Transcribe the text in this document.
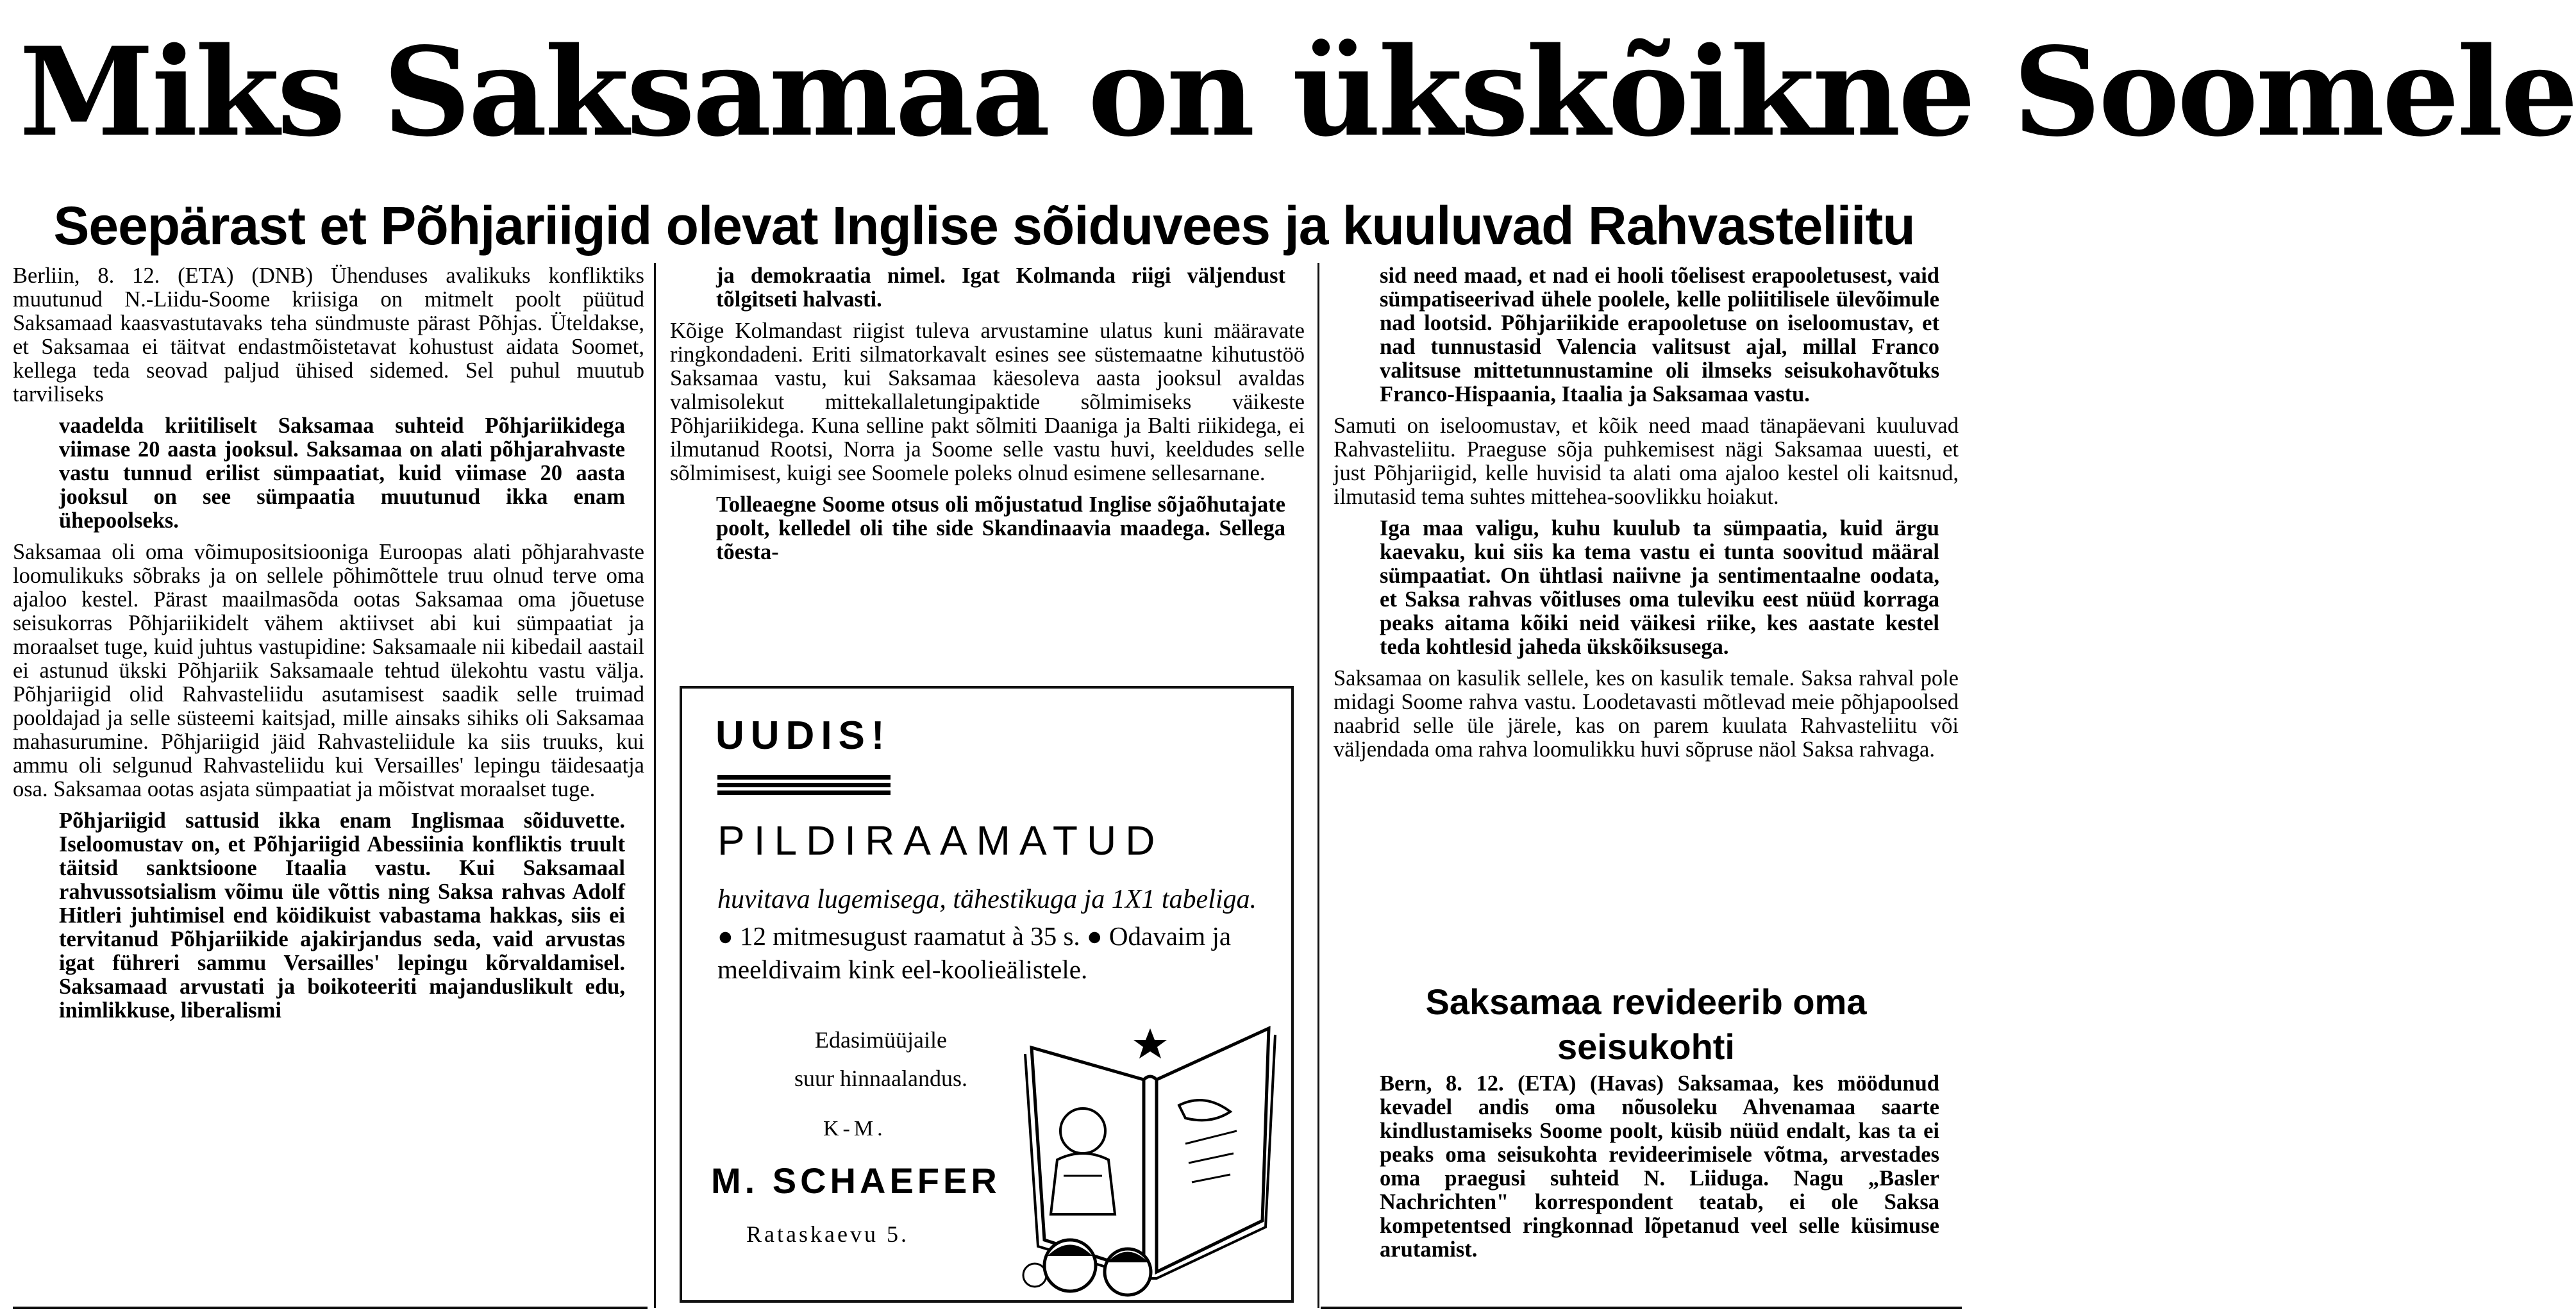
Miks Saksamaa on ükskõikne Soomele
Seepärast et Põhjariigid olevat Inglise sõiduvees ja kuuluvad Rahvasteliitu

Berliin, 8. 12. (ETA) (DNB) Ühenduses avalikuks konfliktiks muutunud N.-Liidu-Soome kriisiga on mitmelt poolt püütud Saksamaad kaasvastutavaks teha sündmuste pärast Põhjas. Üteldakse, et Saksamaa ei täitvat endastmõistetavat kohustust aidata Soomet, kellega teda seovad paljud ühised sidemed. Sel puhul muutub tarviliseks

vaadelda kriitiliselt Saksamaa suhteid Põhjariikidega viimase 20 aasta jooksul. Saksamaa on alati põhjarahvaste vastu tunnud erilist sümpaatiat, kuid viimase 20 aasta jooksul on see sümpaatia muutunud ikka enam ühepoolseks.

Saksamaa oli oma võimupositsiooniga Euroopas alati põhjarahvaste loomulikuks sõbraks ja on sellele põhimõttele truu olnud terve oma ajaloo kestel. Pärast maailmasõda ootas Saksamaa oma jõuetuse seisukorras Põhjariikidelt vähem aktiivset abi kui sümpaatiat ja moraalset tuge, kuid juhtus vastupidine: Saksamaale nii kibedail aastail ei astunud ükski Põhjariik Saksamaale tehtud ülekohtu vastu välja. Põhjariigid olid Rahvasteliidu asutamisest saadik selle truimad pooldajad ja selle süsteemi kaitsjad, mille ainsaks sihiks oli Saksamaa mahasurumine. Põhjariigid jäid Rahvasteliidule ka siis truuks, kui ammu oli selgunud Rahvasteliidu kui Versailles' lepingu täidesaatja osa. Saksamaa ootas asjata sümpaatiat ja mõistvat moraalset tuge.

Põhjariigid sattusid ikka enam Inglismaa sõiduvette. Iseloomustav on, et Põhjariigid Abessiinia konfliktis truult täitsid sanktsioone Itaalia vastu. Kui Saksamaal rahvussotsialism võimu üle võttis ning Saksa rahvas Adolf Hitleri juhtimisel end köidikuist vabastama hakkas, siis ei tervitanud Põhjariikide ajakirjandus seda, vaid arvustas igat führeri sammu Versailles' lepingu kõrvaldamisel. Saksamaad arvustati ja boikoteeriti majanduslikult edu, inimlikkuse, liberalismi

ja demokraatia nimel. Igat Kolmanda riigi väljendust tõlgitseti halvasti.

Kõige Kolmandast riigist tuleva arvustamine ulatus kuni määravate ringkondadeni. Eriti silmatorkavalt esines see süstemaatne kihutustöö Saksamaa vastu, kui Saksamaa käesoleva aasta jooksul avaldas valmisolekut mittekallaletungipaktide sõlmimiseks väikeste Põhjariikidega. Kuna selline pakt sõlmiti Daaniga ja Balti riikidega, ei ilmutanud Rootsi, Norra ja Soome selle vastu huvi, keeldudes selle sõlmimisest, kuigi see Soomele poleks olnud esimene sellesarnane.

Tolleaegne Soome otsus oli mõjustatud Inglise sõjaõhutajate poolt, kelledel oli tihe side Skandinaavia maadega. Sellega tõesta-

UUDIS!
PILDIRAAMATUD
huvitava lugemisega, tähestikuga ja 1X1 tabeliga.
● 12 mitmesugust raamatut à 35 s. ● Odavaim ja meeldivaim kink eel-koolieälistele.
Edasimüüjaile
suur hinnaalandus.
K-M.
M. SCHAEFER
Rataskaevu 5.

sid need maad, et nad ei hooli tõelisest erapooletusest, vaid sümpatiseerivad ühele poolele, kelle poliitilisele ülevõimule nad lootsid. Põhjariikide erapooletuse on iseloomustav, et nad tunnustasid Valencia valitsust ajal, millal Franco valitsuse mittetunnustamine oli ilmseks seisukohavõtuks Franco-Hispaania, Itaalia ja Saksamaa vastu.

Samuti on iseloomustav, et kõik need maad tänapäevani kuuluvad Rahvasteliitu. Praeguse sõja puhkemisest nägi Saksamaa uuesti, et just Põhjariigid, kelle huvisid ta alati oma ajaloo kestel oli kaitsnud, ilmutasid tema suhtes mittehea-soovlikku hoiakut.

Iga maa valigu, kuhu kuulub ta sümpaatia, kuid ärgu kaevaku, kui siis ka tema vastu ei tunta soovitud määral sümpaatiat. On ühtlasi naiivne ja sentimentaalne oodata, et Saksa rahvas võitluses oma tuleviku eest nüüd korraga peaks aitama kõiki neid väikesi riike, kes aastate kestel teda kohtlesid jaheda ükskõiksusega.

Saksamaa on kasulik sellele, kes on kasulik temale. Saksa rahval pole midagi Soome rahva vastu. Loodetavasti mõtlevad meie põhjapoolsed naabrid selle üle järele, kas on parem kuulata Rahvasteliitu või väljendada oma rahva loomulikku huvi sõpruse näol Saksa rahvaga.

Saksamaa revideerib oma
seisukohti

Bern, 8. 12. (ETA) (Havas) Saksamaa, kes möödunud kevadel andis oma nõusoleku Ahvenamaa saarte kindlustamiseks Soome poolt, küsib nüüd endalt, kas ta ei peaks oma seisukohta revideerimisele võtma, arvestades oma praegusi suhteid N. Liiduga. Nagu „Basler Nachrichten" korrespondent teatab, ei ole Saksa kompetentsed ringkonnad lõpetanud veel selle küsimuse arutamist.
